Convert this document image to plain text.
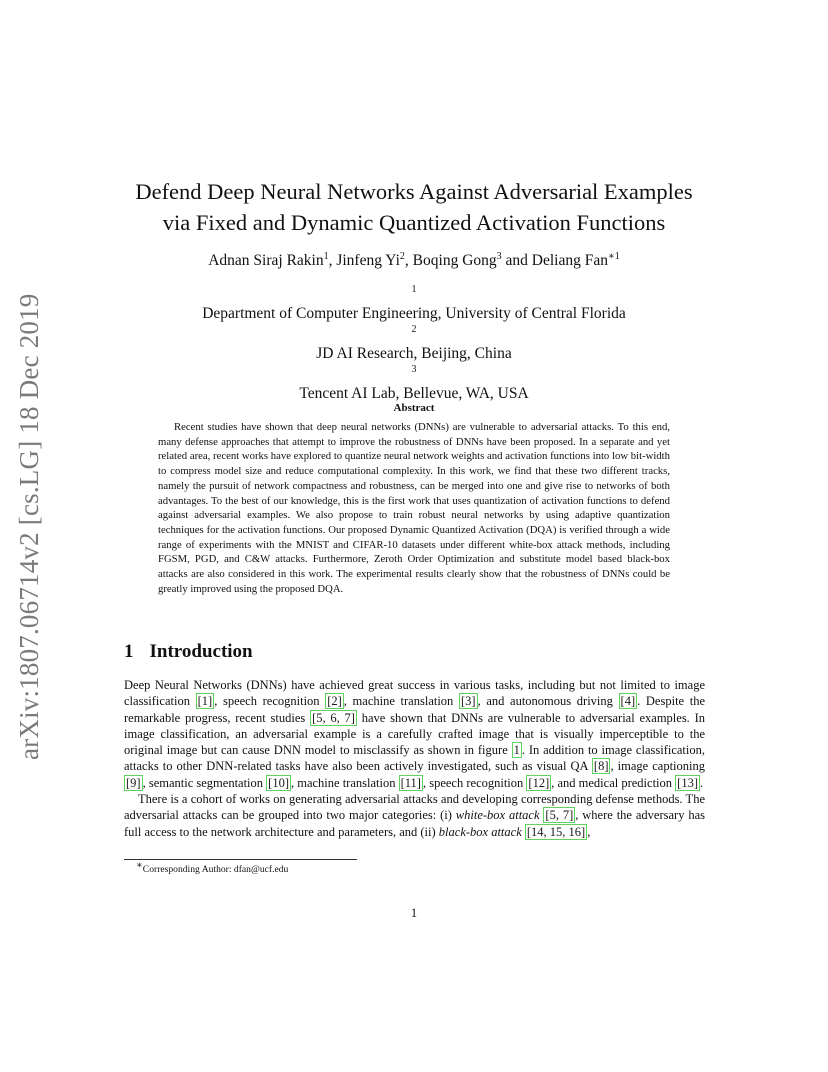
arXiv:1807.06714v2 [cs.LG] 18 Dec 2019
Defend Deep Neural Networks Against Adversarial Examples
via Fixed and Dynamic Quantized Activation Functions
Adnan Siraj Rakin$^1$, Jinfeng Yi$^2$, Boqing Gong$^3$ and Deliang Fan$^{∗1}$
$^1$
Department of Computer Engineering, University of Central Florida
$^2$
JD AI Research, Beijing, China
$^3$
Tencent AI Lab, Bellevue, WA, USA
Abstract

Recent studies have shown that deep neural networks (DNNs) are vulnerable to adversarial attacks. To this end, many defense approaches that attempt to improve the robustness of DNNs have been proposed. In a separate and yet related area, recent works have explored to quantize neural network weights and activation functions into low bit-width to compress model size and reduce computational complexity. In this work, we find that these two different tracks, namely the pursuit of network compactness and robustness, can be merged into one and give rise to networks of both advantages. To the best of our knowledge, this is the first work that uses quantization of activation functions to defend against adversarial examples. We also propose to train robust neural networks by using adaptive quantization techniques for the activation functions. Our proposed Dynamic Quantized Activation (DQA) is verified through a wide range of experiments with the MNIST and CIFAR-10 datasets under different white-box attack methods, including FGSM, PGD, and C&W attacks. Furthermore, Zeroth Order Optimization and substitute model based black-box attacks are also considered in this work. The experimental results clearly show that the robustness of DNNs could be greatly improved using the proposed DQA.

1 Introduction

Deep Neural Networks (DNNs) have achieved great success in various tasks, including but not limited to image classification [1] , speech recognition [2] , machine translation [3] , and autonomous driving [4] . Despite the remarkable progress, recent studies [5, 6, 7] have shown that DNNs are vulnerable to adversarial examples. In image classification, an adversarial example is a carefully crafted image that is visually imperceptible to the original image but can cause DNN model to misclassify as shown in figure 1 . In addition to image classification, attacks to other DNN-related tasks have also been actively investigated, such as visual QA [8] , image captioning [9] , semantic segmentation [10] , machine translation [11] , speech recognition [12] , and medical prediction [13] .

There is a cohort of works on generating adversarial attacks and developing corresponding defense methods. The adversarial attacks can be grouped into two major categories: (i) white-box attack [5, 7] , where the adversary has full access to the network architecture and parameters, and (ii) black-box attack [14, 15, 16] ,

∗Corresponding Author: dfan@ucf.edu
1
